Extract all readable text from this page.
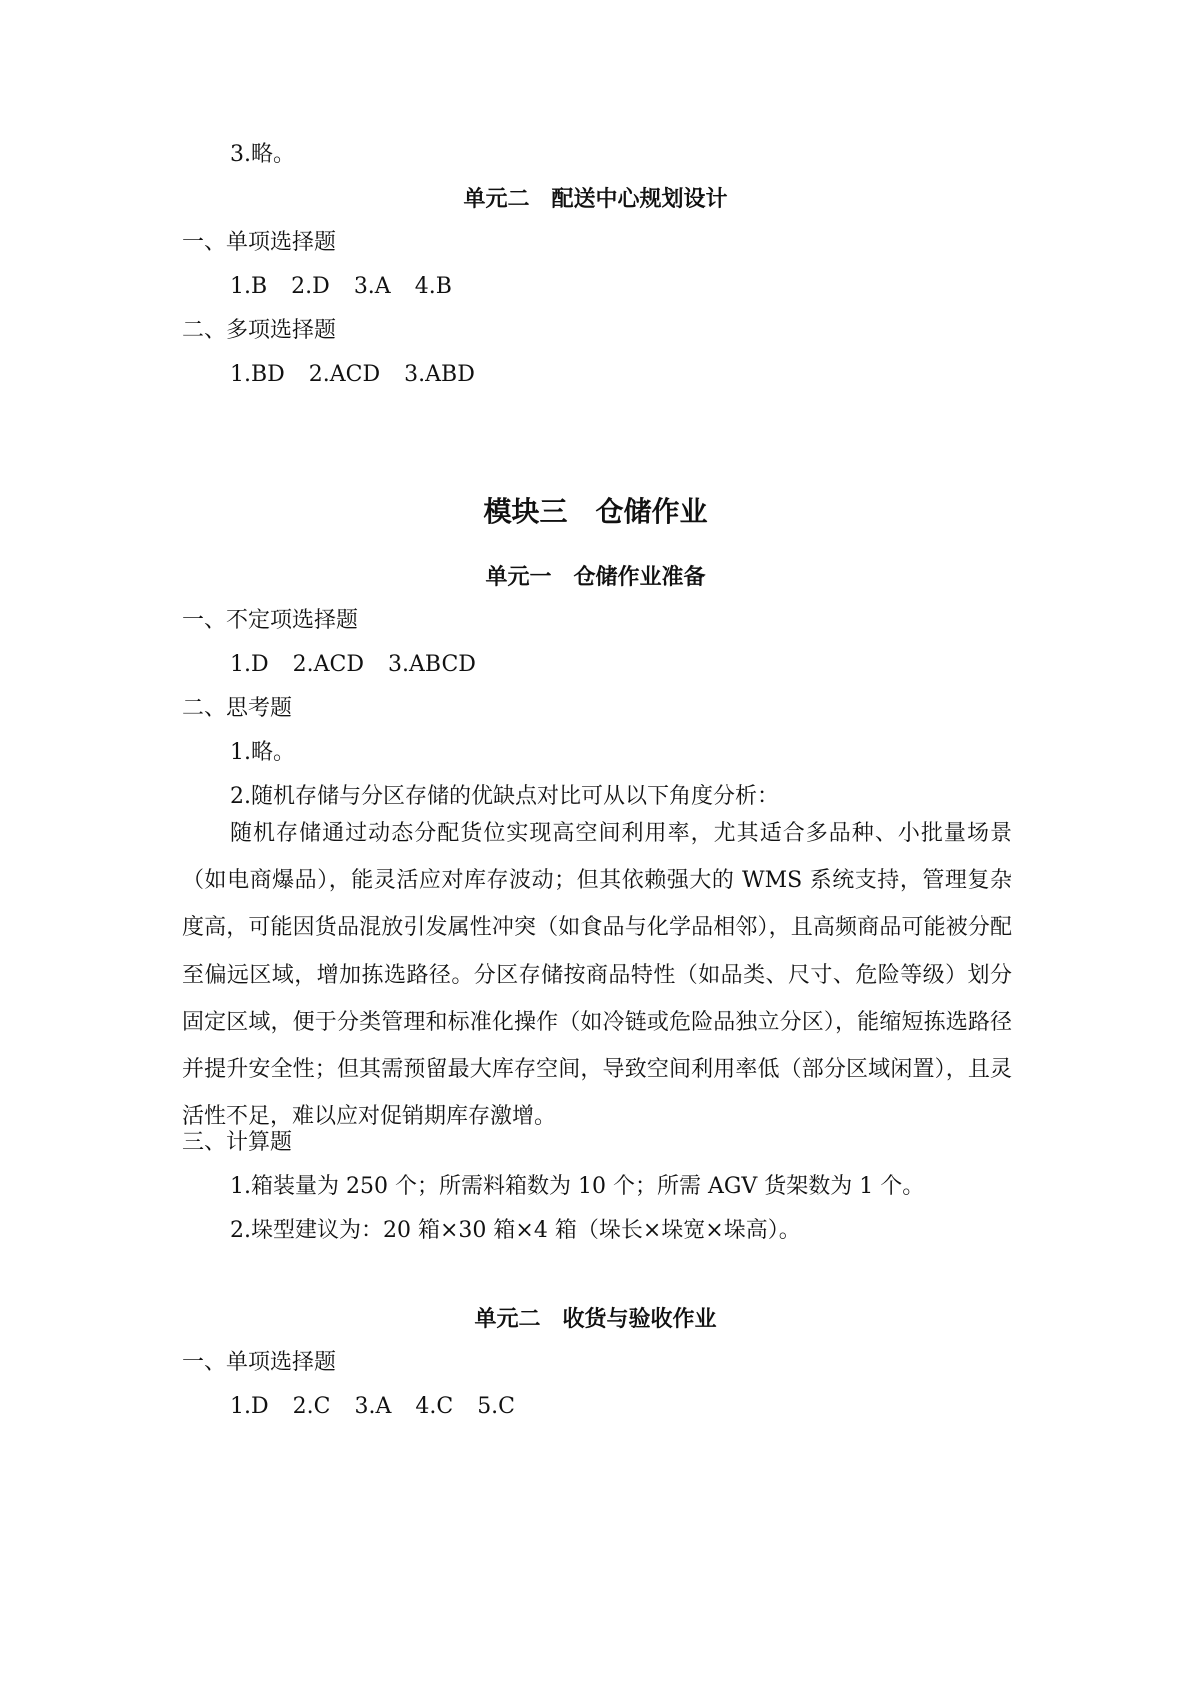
3.略。
单元二　配送中心规划设计
一、单项选择题
1.B 2.D 3.A 4.B
二、多项选择题
1.BD 2.ACD 3.ABD
模块三　仓储作业
单元一　仓储作业准备
一、不定项选择题
1.D 2.ACD 3.ABCD
二、思考题
1.略。
2.随机存储与分区存储的优缺点对比可从以下角度分析：

随机存储通过动态分配货位实现高空间利用率，尤其适合多品种、小批量场景（如电商爆品），能灵活应对库存波动；但其依赖强大的 WMS 系统支持，管理复杂度高，可能因货品混放引发属性冲突（如食品与化学品相邻），且高频商品可能被分配至偏远区域，增加拣选路径。分区存储按商品特性（如品类、尺寸、危险等级）划分固定区域，便于分类管理和标准化操作（如冷链或危险品独立分区），能缩短拣选路径并提升安全性；但其需预留最大库存空间，导致空间利用率低（部分区域闲置），且灵活性不足，难以应对促销期库存激增。

三、计算题
1.箱装量为 250 个；所需料箱数为 10 个；所需 AGV 货架数为 1 个。
2.垛型建议为：20 箱×30 箱×4 箱（垛长×垛宽×垛高）。
单元二　收货与验收作业
一、单项选择题
1.D 2.C 3.A 4.C 5.C
